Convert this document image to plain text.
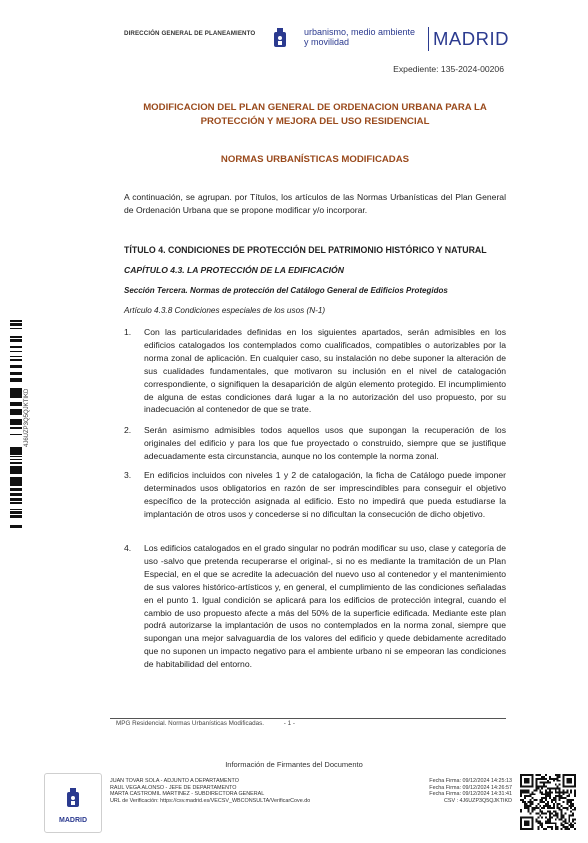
DIRECCIÓN GENERAL DE PLANEAMIENTO	urbanismo, medio ambiente
y movilidad	MADRID
Expediente: 135-2024-00206
MODIFICACION DEL PLAN GENERAL DE ORDENACION URBANA PARA LA PROTECCIÓN Y MEJORA DEL USO RESIDENCIAL
NORMAS URBANÍSTICAS MODIFICADAS
A continuación, se agrupan. por Títulos, los artículos de las Normas Urbanísticas del Plan General de Ordenación Urbana que se propone modificar y/o incorporar.
TÍTULO 4. CONDICIONES DE PROTECCIÓN DEL PATRIMONIO HISTÓRICO Y NATURAL
CAPÍTULO 4.3. LA PROTECCIÓN DE LA EDIFICACIÓN
Sección Tercera. Normas de protección del Catálogo General de Edificios Protegidos
Artículo 4.3.8 Condiciones especiales de los usos (N-1)
1.	Con las particularidades definidas en los siguientes apartados, serán admisibles en los edificios catalogados los contemplados como cualificados, compatibles o autorizables por la norma zonal de aplicación. En cualquier caso, su instalación no debe suponer la alteración de sus cualidades fundamentales, que motivaron su inclusión en el nivel de catalogación correspondiente, o signifiquen la desaparición de algún elemento protegido. El incumplimiento de alguna de estas condiciones dará lugar a la no autorización del uso propuesto, por su inadecuación al contenedor de que se trate.
2.	Serán asimismo admisibles todos aquellos usos que supongan la recuperación de los originales del edificio y para los que fue proyectado o construido, siempre que se justifique adecuadamente esta circunstancia, aunque no los contemple la norma zonal.
3.	En edificios incluidos con niveles 1 y 2 de catalogación, la ficha de Catálogo puede imponer determinados usos obligatorios en razón de ser imprescindibles para conseguir el objetivo específico de la protección asignada al edificio. Esto no impedirá que pueda estudiarse la implantación de otros usos y concederse si no dificultan la consecución de dicho objetivo.
4.	Los edificios catalogados en el grado singular no podrán modificar su uso, clase y categoría de uso -salvo que pretenda recuperarse el original-, si no es mediante la tramitación de un Plan Especial, en el que se acredite la adecuación del nuevo uso al contenedor y el mantenimiento de sus valores histórico-artísticos y, en general, el cumplimiento de las condiciones señaladas en el punto 1. Igual condición se aplicará para los edificios de protección integral, cuando el cambio de uso propuesto afecte a más del 50% de la superficie edificada. Mediante este plan podrá autorizarse la implantación de usos no contemplados en la norma zonal, siempre que supongan una mejor salvaguardia de los valores del edificio y quede debidamente acreditado que no suponen un impacto negativo para el ambiente urbano ni se empeoran las condiciones de habitabilidad del entorno.
MPG Residencial. Normas Urbanísticas Modificadas.	- 1 -
4J6UZP3Q5QJKTIKD
Información de Firmantes del Documento
MADRID
JUAN TOVAR SOLA - ADJUNTO A DEPARTAMENTO
RAUL VEGA ALONSO - JEFE DE DEPARTAMENTO
MARTA CASTROMIL MARTINEZ - SUBDIRECTORA GENERAL
URL de Verificación: https://csv.madrid.es/VECSV_WBCONSULTA/VerificarCove.do
Fecha Firma: 09/12/2024 14:25:13
Fecha Firma: 09/12/2024 14:26:57
Fecha Firma: 09/12/2024 14:31:41
CSV : 4J6UZP3Q5QJKTIKD
